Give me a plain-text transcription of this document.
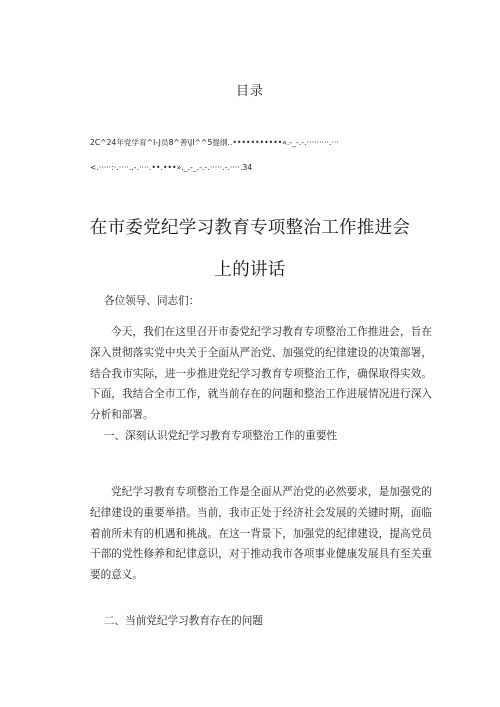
目录
2C^24年党学育^I-J员8^善\JI^^5提纲..•••••••••••«.-_-.-.·········.···
<.·····:·.····..-.····.••.•••»._.-_.-.-.·····.-.····.34
在市委党纪学习教育专项整治工作推进会
上的讲话
各位领导、同志们：
今天，我们在这里召开市委党纪学习教育专项整治工作推进会，旨在深入贯彻落实党中央关于全面从严治党、加强党的纪律建设的决策部署，结合我市实际，进一步推进党纪学习教育专项整治工作，确保取得实效。下面，我结合全市工作，就当前存在的问题和整治工作进展情况进行深入分析和部署。
一、深刻认识党纪学习教育专项整治工作的重要性
党纪学习教育专项整治工作是全面从严治党的必然要求，是加强党的纪律建设的重要举措。当前，我市正处于经济社会发展的关键时期，面临着前所未有的机遇和挑战。在这一背景下，加强党的纪律建设，提高党员干部的党性修养和纪律意识，对于推动我市各项事业健康发展具有至关重要的意义。
二、当前党纪学习教育存在的问题
